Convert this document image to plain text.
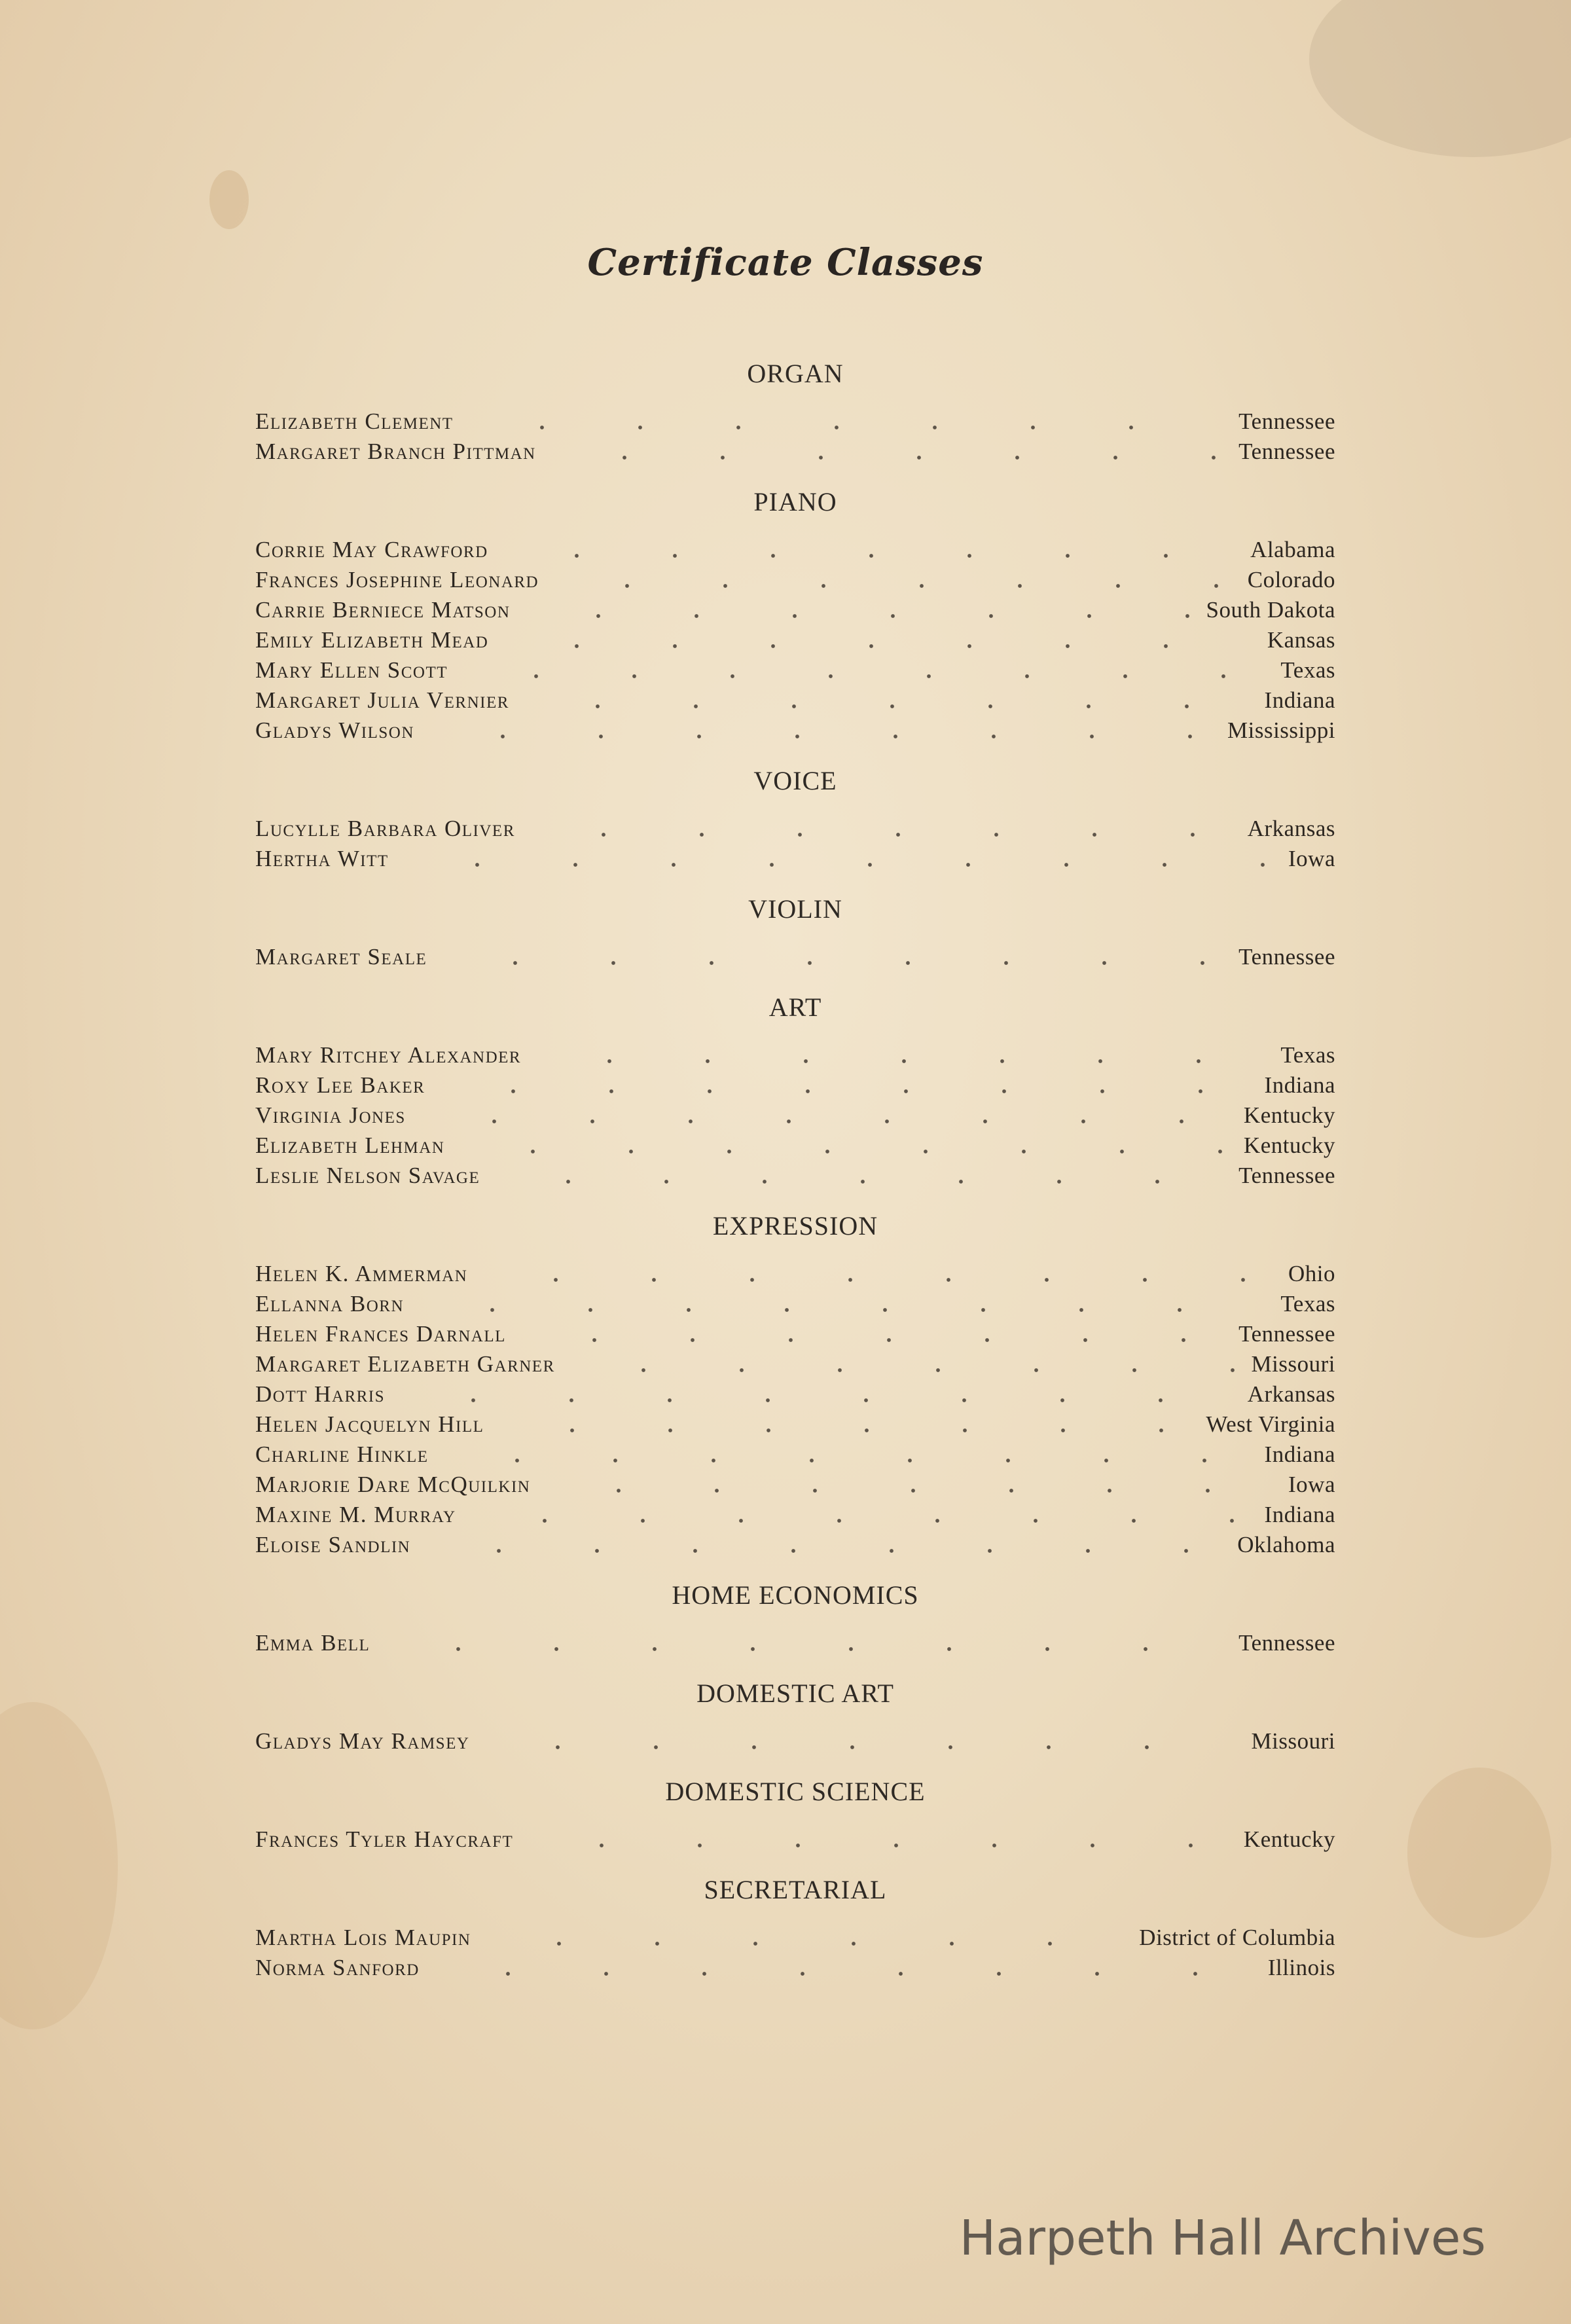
Certificate Classes
ORGAN
Elizabeth Clement	Tennessee
Margaret Branch Pittman	Tennessee
PIANO
Corrie May Crawford	Alabama
Frances Josephine Leonard	Colorado
Carrie Berniece Matson	South Dakota
Emily Elizabeth Mead	Kansas
Mary Ellen Scott	Texas
Margaret Julia Vernier	Indiana
Gladys Wilson	Mississippi
VOICE
Lucylle Barbara Oliver	Arkansas
Hertha Witt	Iowa
VIOLIN
Margaret Seale	Tennessee
ART
Mary Ritchey Alexander	Texas
Roxy Lee Baker	Indiana
Virginia Jones	Kentucky
Elizabeth Lehman	Kentucky
Leslie Nelson Savage	Tennessee
EXPRESSION
Helen K. Ammerman	Ohio
Ellanna Born	Texas
Helen Frances Darnall	Tennessee
Margaret Elizabeth Garner	Missouri
Dott Harris	Arkansas
Helen Jacquelyn Hill	West Virginia
Charline Hinkle	Indiana
Marjorie Dare McQuilkin	Iowa
Maxine M. Murray	Indiana
Eloise Sandlin	Oklahoma
HOME ECONOMICS
Emma Bell	Tennessee
DOMESTIC ART
Gladys May Ramsey	Missouri
DOMESTIC SCIENCE
Frances Tyler Haycraft	Kentucky
SECRETARIAL
Martha Lois Maupin	District of Columbia
Norma Sanford	Illinois
Harpeth Hall Archives
